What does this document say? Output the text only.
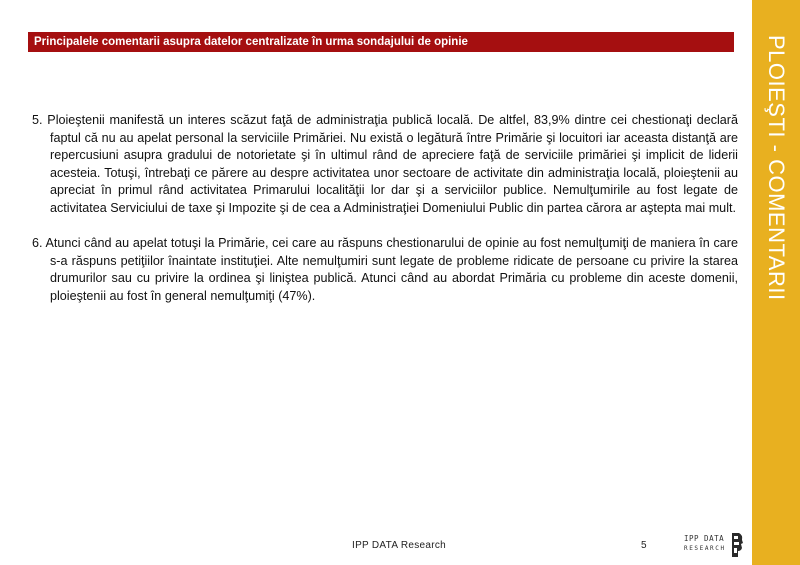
Principalele comentarii asupra datelor centralizate în urma sondajului de opinie	PLOIEŞTI - COMENTARII

5. Ploieştenii manifestă un interes scăzut faţă de administraţia publică locală. De altfel, 83,9% dintre cei chestionaţi declară faptul că nu au apelat personal la serviciile Primăriei. Nu există o legătură între Primărie şi locuitori iar aceasta distanţă are repercusiuni asupra gradului de notorietate şi în ultimul rând de apreciere faţă de serviciile primăriei şi implicit de liderii acesteia. Totuşi, întrebaţi ce părere au despre activitatea unor sectoare de activitate din administraţia locală, ploieştenii au apreciat în primul rând activitatea Primarului localităţii lor dar şi a serviciilor publice. Nemulţumirile au fost legate de activitatea Serviciului de taxe şi Impozite şi de cea a Administraţiei Domeniului Public din partea cărora ar aştepta mai mult.

6. Atunci când au apelat totuşi la Primărie, cei care au răspuns chestionarului de opinie au fost nemulţumiţi de maniera în care s-a răspuns petiţiilor înaintate instituţiei. Alte nemulţumiri sunt legate de probleme ridicate de persoane cu privire la starea drumurilor sau cu privire la ordinea şi liniştea publică. Atunci când au abordat Primăria cu probleme din aceste domenii, ploieştenii au fost în general nemulţumiţi (47%).

IPP DATA Research	5
IPP DATA
RESEARCH
